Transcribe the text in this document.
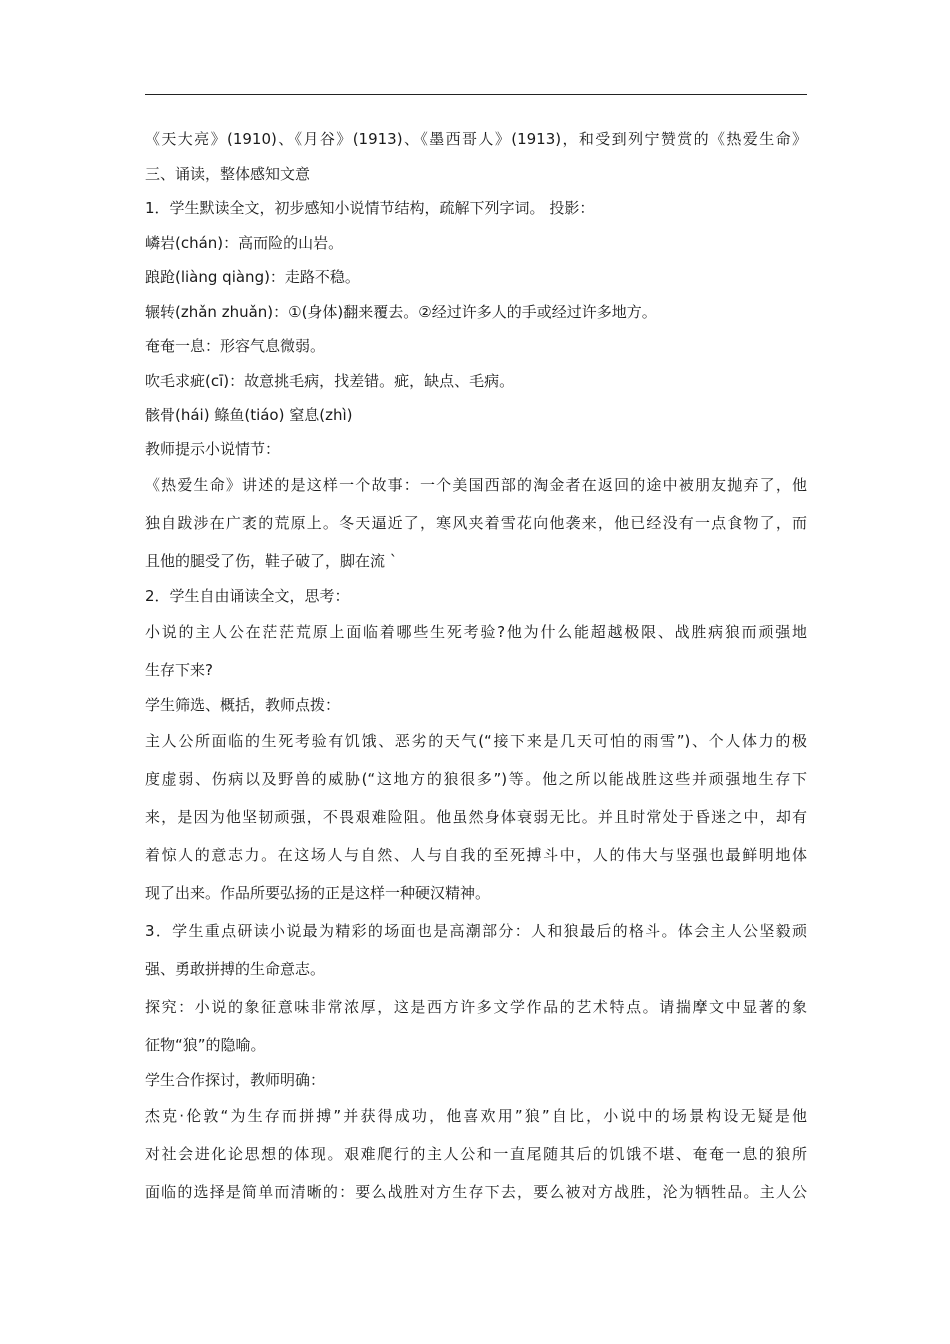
《天大亮》(1910)、《月谷》(1913)、《墨西哥人》(1913)，和受到列宁赞赏的《热爱生命》
三、诵读，整体感知文意
1．学生默读全文，初步感知小说情节结构，疏解下列字词。 投影：
嶙岩(chán)：高而险的山岩。
踉跄(liàng qiàng)：走路不稳。
辗转(zhǎn zhuǎn)：①(身体)翻来覆去。②经过许多人的手或经过许多地方。
奄奄一息：形容气息微弱。
吹毛求疵(cī)：故意挑毛病，找差错。疵，缺点、毛病。
骸骨(hái) 鲦鱼(tiáo) 窒息(zhì)
教师提示小说情节：
《热爱生命》讲述的是这样一个故事：一个美国西部的淘金者在返回的途中被朋友抛弃了，他
独自跋涉在广袤的荒原上。冬天逼近了，寒风夹着雪花向他袭来，他已经没有一点食物了，而
且他的腿受了伤，鞋子破了，脚在流 ˋ
2．学生自由诵读全文，思考：
小说的主人公在茫茫荒原上面临着哪些生死考验?他为什么能超越极限、战胜病狼而顽强地
生存下来?
学生筛选、概括，教师点拨：
主人公所面临的生死考验有饥饿、恶劣的天气(“接下来是几天可怕的雨雪”)、个人体力的极
度虚弱、伤病以及野兽的威胁(“这地方的狼很多”)等。他之所以能战胜这些并顽强地生存下
来，是因为他坚韧顽强，不畏艰难险阻。他虽然身体衰弱无比。并且时常处于昏迷之中，却有
着惊人的意志力。在这场人与自然、人与自我的至死搏斗中，人的伟大与坚强也最鲜明地体
现了出来。作品所要弘扬的正是这样一种硬汉精神。
3．学生重点研读小说最为精彩的场面也是高潮部分：人和狼最后的格斗。体会主人公坚毅顽
强、勇敢拼搏的生命意志。
探究：小说的象征意味非常浓厚，这是西方许多文学作品的艺术特点。请揣摩文中显著的象
征物“狼”的隐喻。
学生合作探讨，教师明确：
杰克·伦敦“为生存而拼搏”并获得成功，他喜欢用”狼”自比，小说中的场景构设无疑是他
对社会进化论思想的体现。艰难爬行的主人公和一直尾随其后的饥饿不堪、奄奄一息的狼所
面临的选择是简单而清晰的：要么战胜对方生存下去，要么被对方战胜，沦为牺牲品。主人公
